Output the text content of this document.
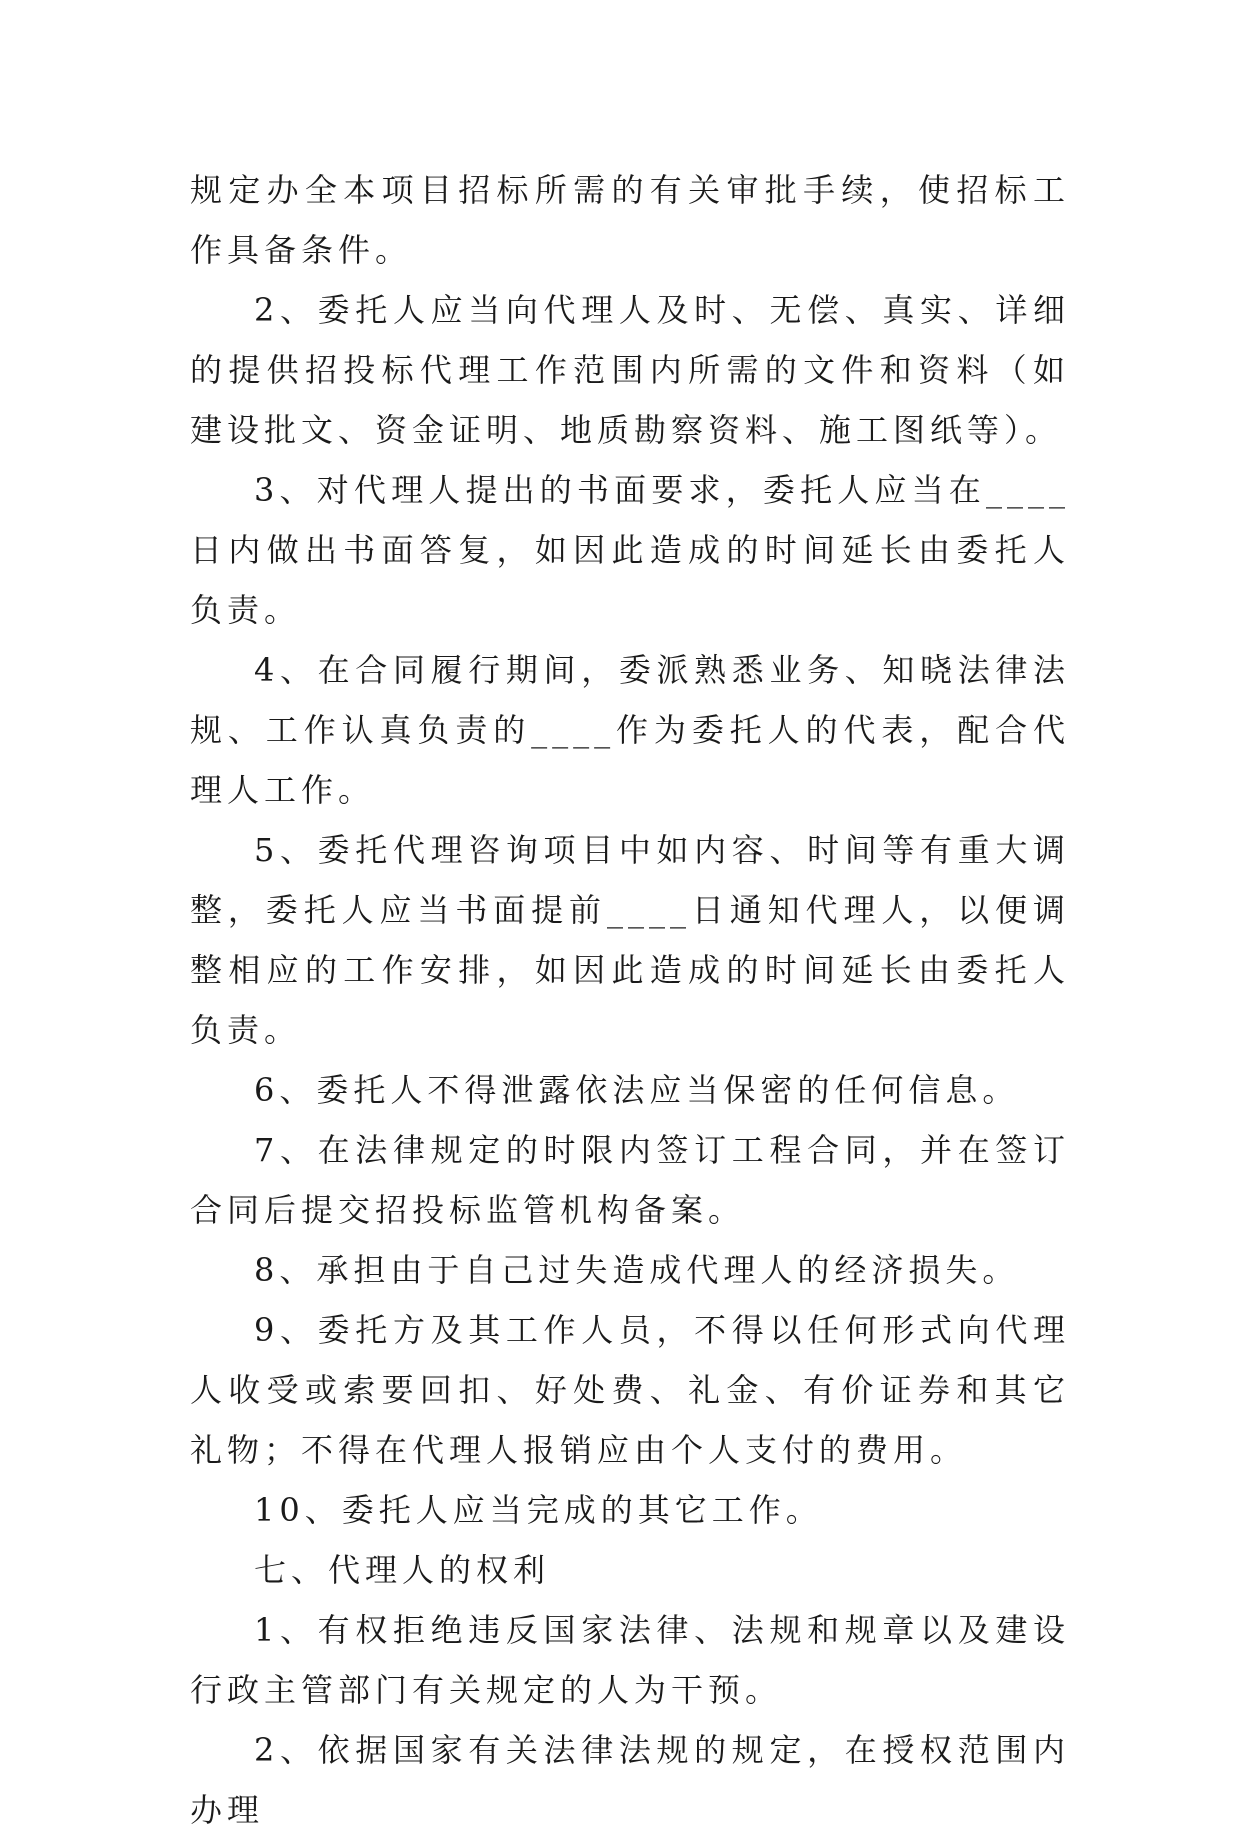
规定办全本项目招标所需的有关审批手续，使招标工作具备条件。

2、委托人应当向代理人及时、无偿、真实、详细的提供招投标代理工作范围内所需的文件和资料（如建设批文、资金证明、地质勘察资料、施工图纸等）。

3、对代理人提出的书面要求，委托人应当在____日内做出书面答复，如因此造成的时间延长由委托人负责。

4、在合同履行期间，委派熟悉业务、知晓法律法规、工作认真负责的____作为委托人的代表，配合代理人工作。

5、委托代理咨询项目中如内容、时间等有重大调整，委托人应当书面提前____日通知代理人，以便调整相应的工作安排，如因此造成的时间延长由委托人负责。

6、委托人不得泄露依法应当保密的任何信息。

7、在法律规定的时限内签订工程合同，并在签订合同后提交招投标监管机构备案。

8、承担由于自己过失造成代理人的经济损失。

9、委托方及其工作人员，不得以任何形式向代理人收受或索要回扣、好处费、礼金、有价证券和其它礼物；不得在代理人报销应由个人支付的费用。

10、委托人应当完成的其它工作。

七、代理人的权利

1、有权拒绝违反国家法律、法规和规章以及建设行政主管部门有关规定的人为干预。

2、依据国家有关法律法规的规定，在授权范围内办理
